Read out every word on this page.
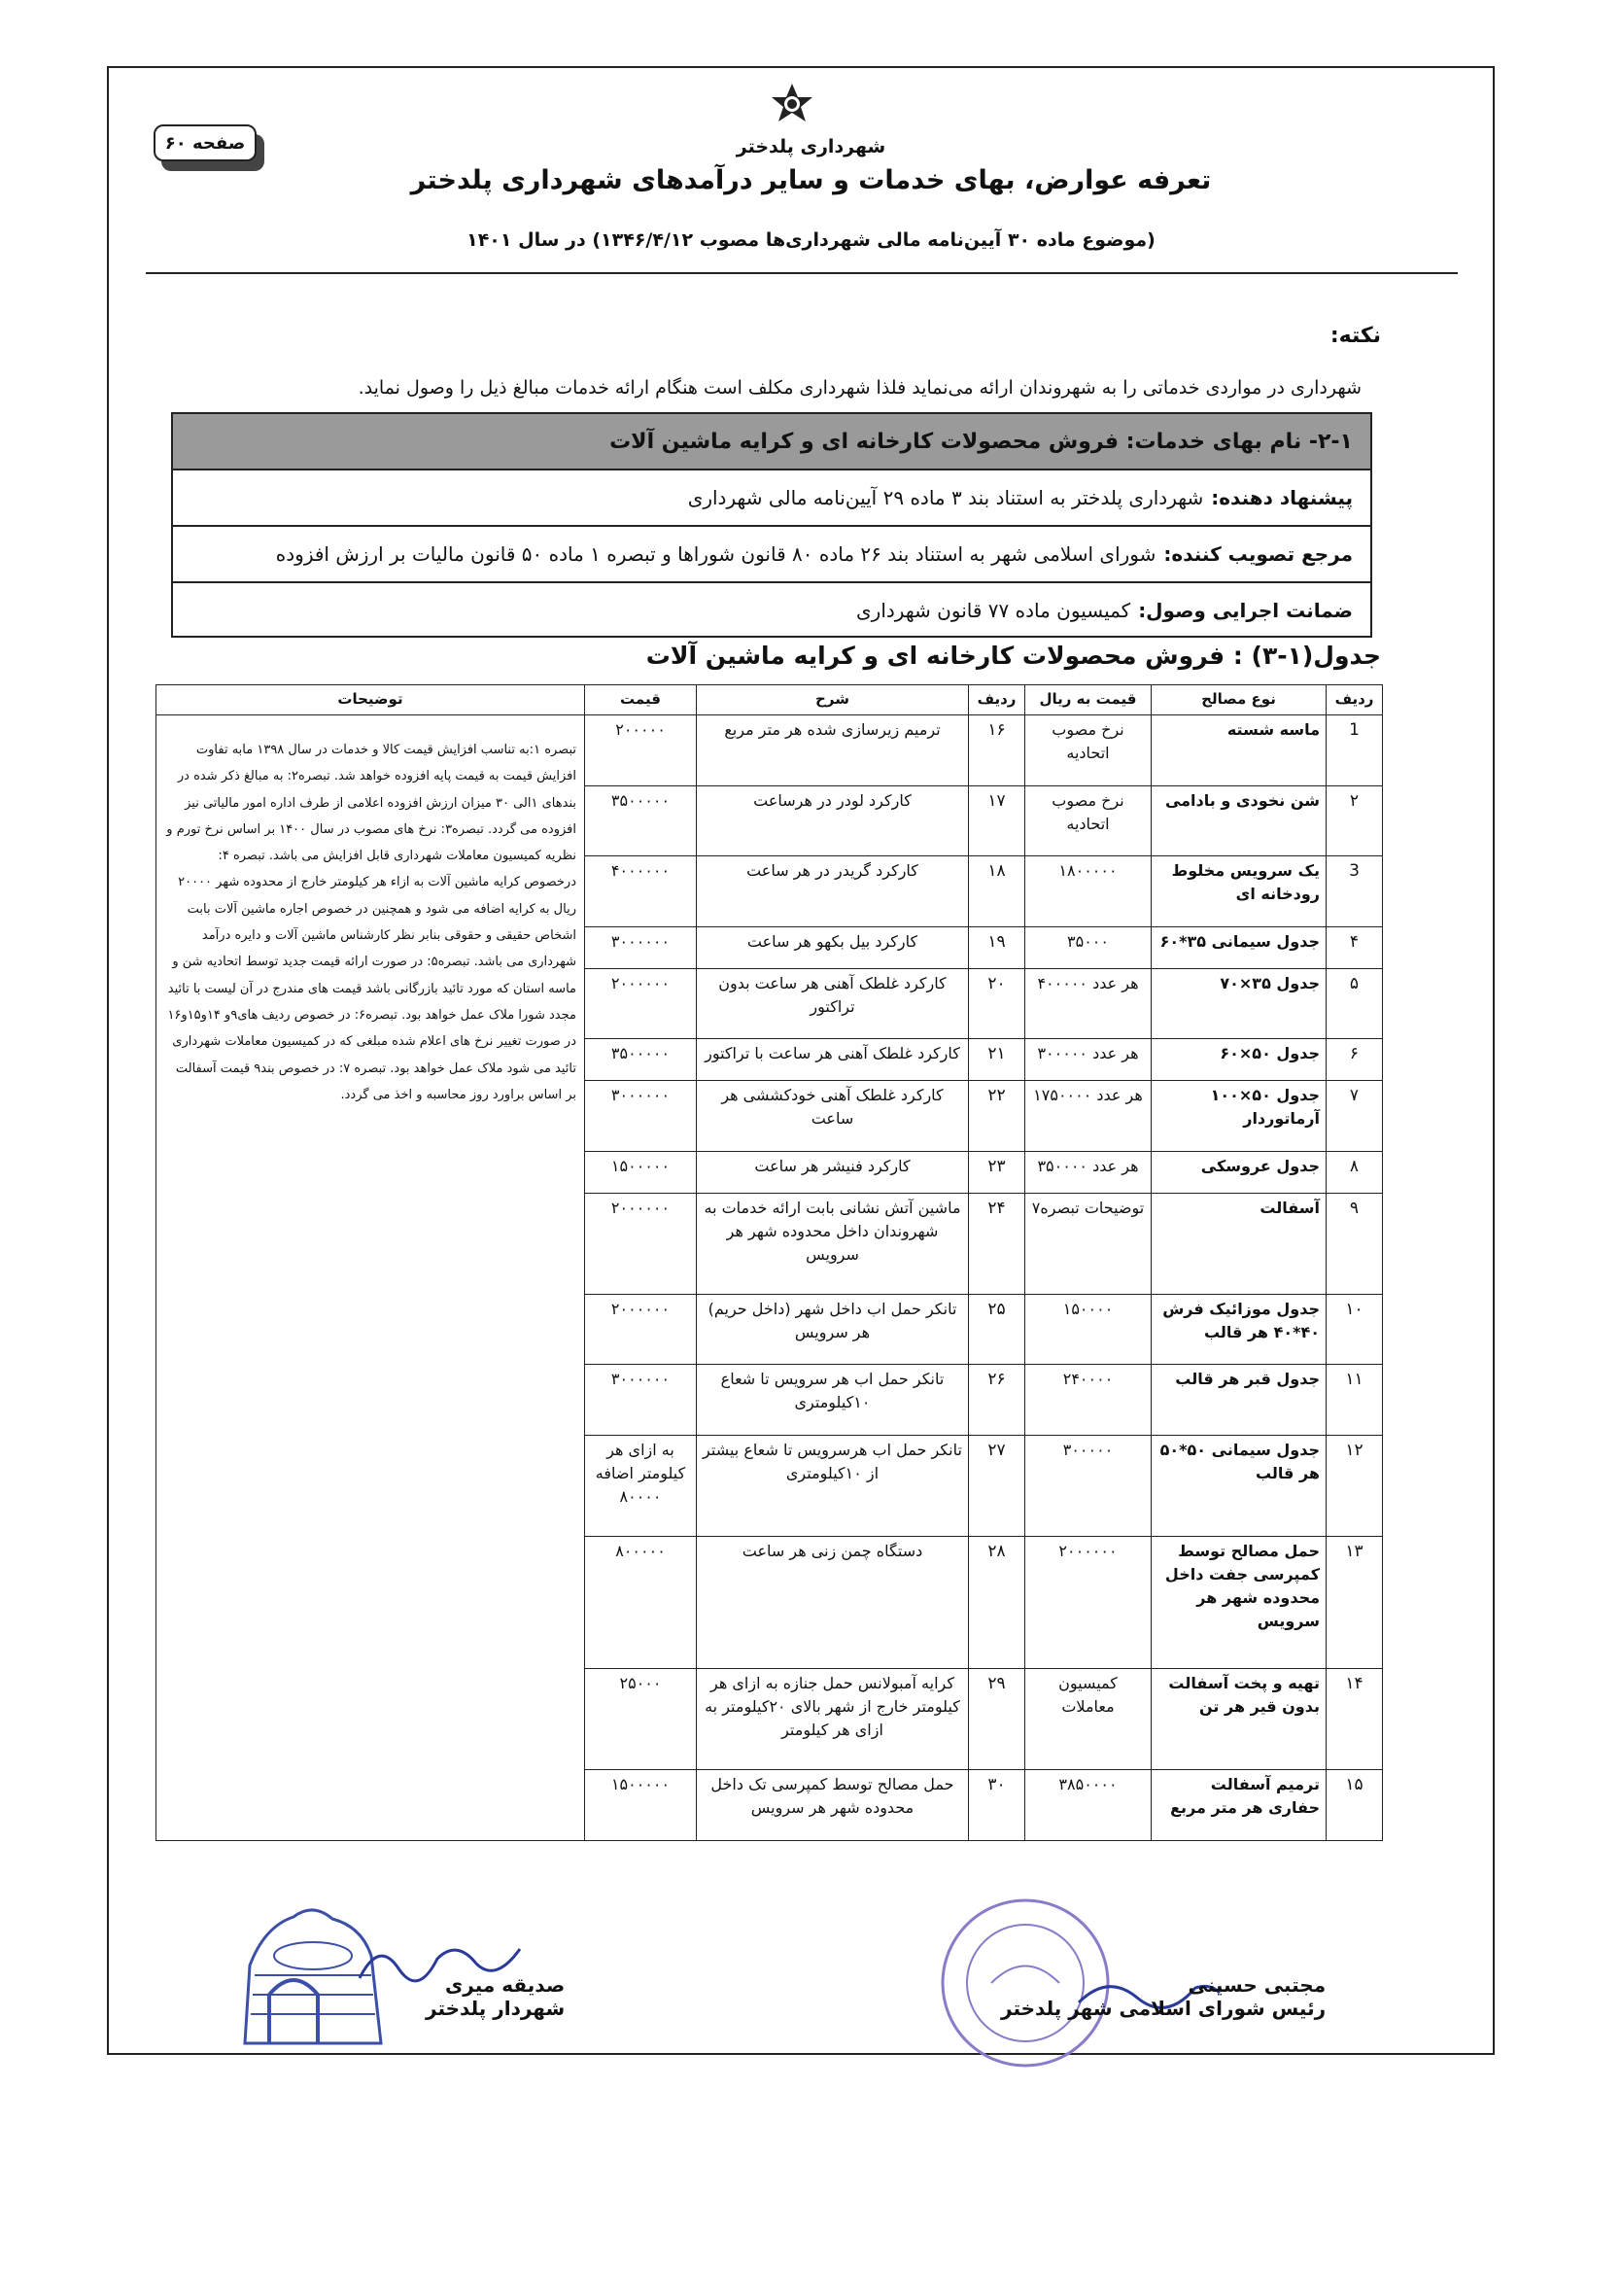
صفحه ۶۰	شهرداری پلدختر
تعرفه عوارض، بهای خدمات و سایر درآمدهای شهرداری پلدختر
(موضوع ماده ۳۰ آیین‌نامه مالی شهرداری‌ها مصوب ۱۳۴۶/۴/۱۲) در سال ۱۴۰۱
نکته:
شهرداری در مواردی خدماتی را به شهروندان ارائه می‌نماید فلذا شهرداری مکلف است هنگام ارائه خدمات مبالغ ذیل را وصول نماید.
۲-۱- نام بهای خدمات: فروش محصولات کارخانه ای و کرایه ماشین آلات
پیشنهاد دهنده:
شهرداری پلدختر به استناد بند ۳ ماده ۲۹ آیین‌نامه مالی شهرداری
مرجع تصویب کننده:
شورای اسلامی شهر به استناد بند ۲۶ ماده ۸۰ قانون شوراها و تبصره ۱ ماده ۵۰ قانون مالیات بر ارزش افزوده
ضمانت اجرایی وصول:
کمیسیون ماده ۷۷ قانون شهرداری
جدول(۱-۳) : فروش محصولات کارخانه ای و کرایه ماشین آلات
ردیف	نوع مصالح	قیمت به ریال	ردیف	شرح	قیمت	توضیحات
1	ماسه شسته	نرخ مصوب اتحادیه	۱۶	ترمیم زیرسازی شده هر متر مربع	۲۰۰۰۰۰	تبصره ۱:به تناسب افزایش قیمت کالا و خدمات در سال ۱۳۹۸ مابه تفاوت افزایش قیمت به قیمت پایه افزوده خواهد شد. تبصره۲: به مبالغ ذکر شده در بندهای ۱الی ۳۰ میزان ارزش افزوده اعلامی از طرف اداره امور مالیاتی نیز افزوده می گردد. تبصره۳: نرخ های مصوب در سال ۱۴۰۰ بر اساس نرخ تورم و نظریه کمیسیون معاملات شهرداری قابل افزایش می باشد. تبصره ۴: درخصوص کرایه ماشین آلات به ازاء هر کیلومتر خارج از محدوده شهر ۲۰۰۰۰ ریال به کرایه اضافه می شود و همچنین در خصوص اجاره ماشین آلات بابت اشخاص حقیقی و حقوقی بنابر نظر کارشناس ماشین آلات و دایره درآمد شهرداری می باشد. تبصره۵: در صورت ارائه قیمت جدید توسط اتحادیه شن و ماسه استان که مورد تائید بازرگانی باشد قیمت های مندرج در آن لیست با تائید مجدد شورا ملاک عمل خواهد بود. تبصره۶: در خصوص ردیف های۹و ۱۴و۱۵و۱۶ در صورت تغییر نرخ های اعلام شده مبلغی که در کمیسیون معاملات شهرداری تائید می شود ملاک عمل خواهد بود. تبصره ۷: در خصوص بند۹ قیمت آسفالت بر اساس براورد روز محاسبه و اخذ می گردد.
۲	شن نخودی و بادامی	نرخ مصوب اتحادیه	۱۷	کارکرد لودر در هرساعت	۳۵۰۰۰۰۰	
3	یک سرویس مخلوط رودخانه ای	۱۸۰۰۰۰۰	۱۸	کارکرد گریدر در هر ساعت	۴۰۰۰۰۰۰	
۴	جدول سیمانی ۳۵*۶۰	۳۵۰۰۰	۱۹	کارکرد بیل بکهو هر ساعت	۳۰۰۰۰۰۰	
۵	جدول ۳۵×۷۰	هر عدد ۴۰۰۰۰۰	۲۰	کارکرد غلطک آهنی هر ساعت بدون تراکتور	۲۰۰۰۰۰۰	
۶	جدول ۵۰×۶۰	هر عدد ۳۰۰۰۰۰	۲۱	کارکرد غلطک آهنی هر ساعت با تراکتور	۳۵۰۰۰۰۰	
۷	جدول ۵۰×۱۰۰ آرماتوردار	هر عدد ۱۷۵۰۰۰۰	۲۲	کارکرد غلطک آهنی خودکششی هر ساعت	۳۰۰۰۰۰۰	
۸	جدول عروسکی	هر عدد ۳۵۰۰۰۰	۲۳	کارکرد فنیشر هر ساعت	۱۵۰۰۰۰۰	
۹	آسفالت	توضیحات تبصره۷	۲۴	ماشین آتش نشانی بابت ارائه خدمات به شهروندان داخل محدوده شهر هر سرویس	۲۰۰۰۰۰۰	
۱۰	جدول موزائیک فرش ۴۰*۴۰ هر قالب	۱۵۰۰۰۰	۲۵	تانکر حمل اب داخل شهر (داخل حریم) هر سرویس	۲۰۰۰۰۰۰	
۱۱	جدول قبر هر قالب	۲۴۰۰۰۰	۲۶	تانکر حمل اب هر سرویس تا شعاع ۱۰کیلومتری	۳۰۰۰۰۰۰	
۱۲	جدول سیمانی ۵۰*۵۰ هر قالب	۳۰۰۰۰۰	۲۷	تانکر حمل اب هرسرویس تا شعاع بیشتر از ۱۰کیلومتری	به ازای هر کیلومتر اضافه ۸۰۰۰۰	
۱۳	حمل مصالح توسط کمپرسی جفت داخل محدوده شهر هر سرویس	۲۰۰۰۰۰۰	۲۸	دستگاه چمن زنی هر ساعت	۸۰۰۰۰۰	
۱۴	تهیه و پخت آسفالت بدون قیر هر تن	کمیسیون معاملات	۲۹	کرایه آمبولانس حمل جنازه به ازای هر کیلومتر خارج از شهر بالای ۲۰کیلومتر به ازای هر کیلومتر	۲۵۰۰۰	
۱۵	ترمیم آسفالت حفاری هر متر مربع	۳۸۵۰۰۰۰	۳۰	حمل مصالح توسط کمپرسی تک داخل محدوده شهر هر سرویس	۱۵۰۰۰۰۰	
صدیقه میری
شهردار پلدختر
مجتبی حسینی
رئیس شورای اسلامی شهر پلدختر
